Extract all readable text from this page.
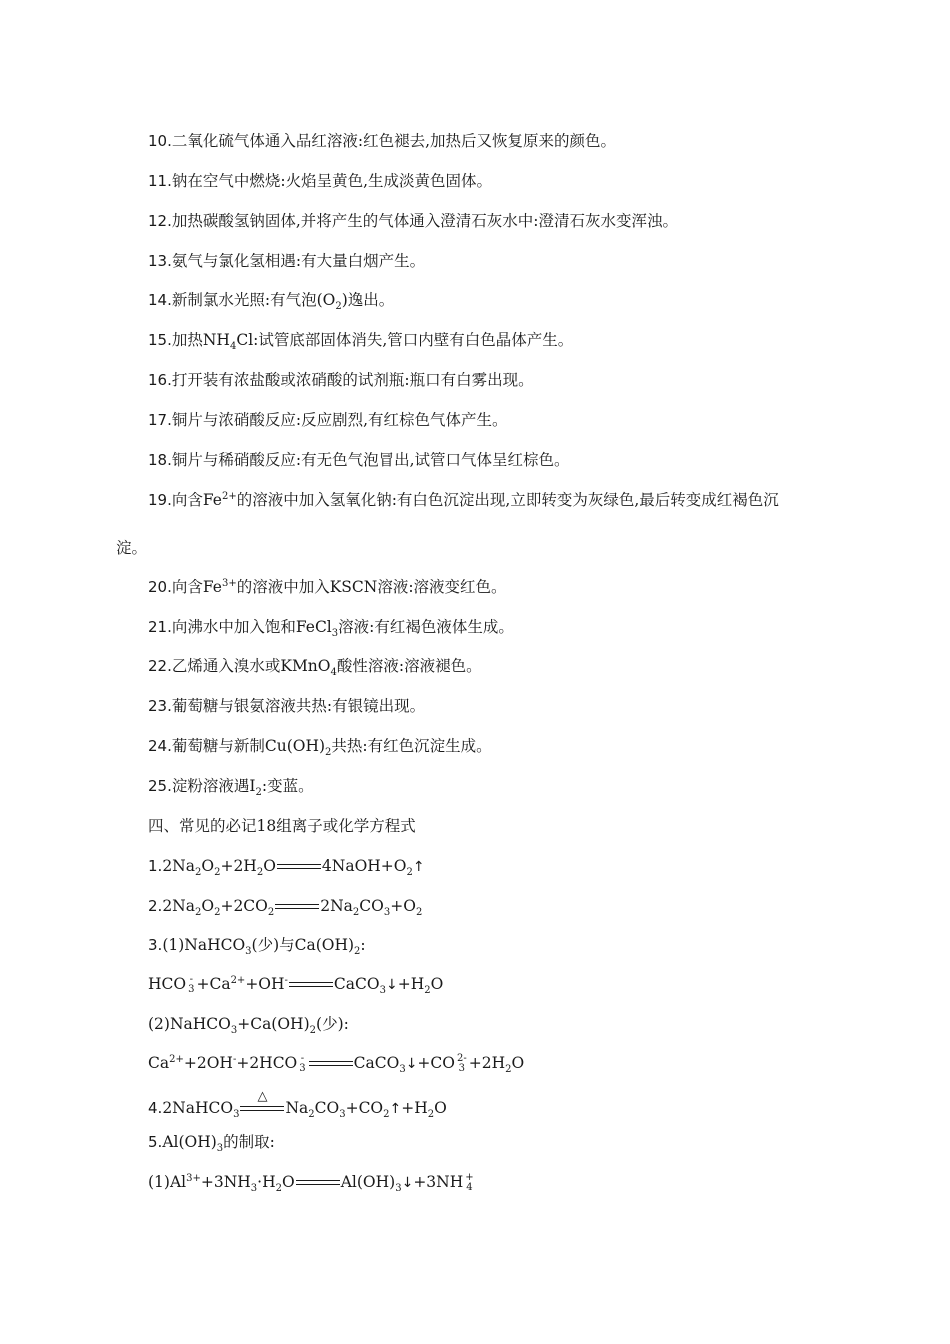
10.二氧化硫气体通入品红溶液:红色褪去,加热后又恢复原来的颜色。
11.钠在空气中燃烧:火焰呈黄色,生成淡黄色固体。
12.加热碳酸氢钠固体,并将产生的气体通入澄清石灰水中:澄清石灰水变浑浊。
13.氨气与氯化氢相遇:有大量白烟产生。
14.新制氯水光照:有气泡$(O_2)$逸出。
15.加热$NH_4Cl$:试管底部固体消失,管口内壁有白色晶体产生。
16.打开装有浓盐酸或浓硝酸的试剂瓶:瓶口有白雾出现。
17.铜片与浓硝酸反应:反应剧烈,有红棕色气体产生。
18.铜片与稀硝酸反应:有无色气泡冒出,试管口气体呈红棕色。
19.向含$Fe^{2+}$的溶液中加入氢氧化钠:有白色沉淀出现,立即转变为灰绿色,最后转变成红褐色沉
淀。
20.向含$Fe^{3+}$的溶液中加入KSCN溶液:溶液变红色。
21.向沸水中加入饱和FeCl$_3$溶液:有红褐色液体生成。
22.乙烯通入溴水或KMnO$_4$酸性溶液:溶液褪色。
23.葡萄糖与银氨溶液共热:有银镜出现。
24.葡萄糖与新制$Cu(OH)_2$共热:有红色沉淀生成。
25.淀粉溶液遇$I_2$:变蓝。
四、常见的必记18组离子或化学方程式
$1.2Na_2O_2+2H_2O$	$4NaOH+O_2↑$
$2.2Na_2O_2+2CO_2$	$2Na_2CO_3+O_2$
3.(1)NaHCO$_3$(少)与$Ca(OH)_2$:
HCO -
$3 +Ca^{2+}+OH^-$	$CaCO_3↓+H_2O$
$(2)NaHCO_3+Ca(OH)_2$(少):
$Ca^{2+}+2OH^-+2HCO$ -
3	CaCO$_3$↓+CO 2-
$3 +2H_2O$
4.2NaHCO$_3$
△
$Na_2CO_3+CO_2↑+H_2O$
$5.Al(OH)_3$的制取:
$(1)Al^{3+}+3NH_3\cdot H_2O$	$Al(OH)_3↓+3NH$ +
4
